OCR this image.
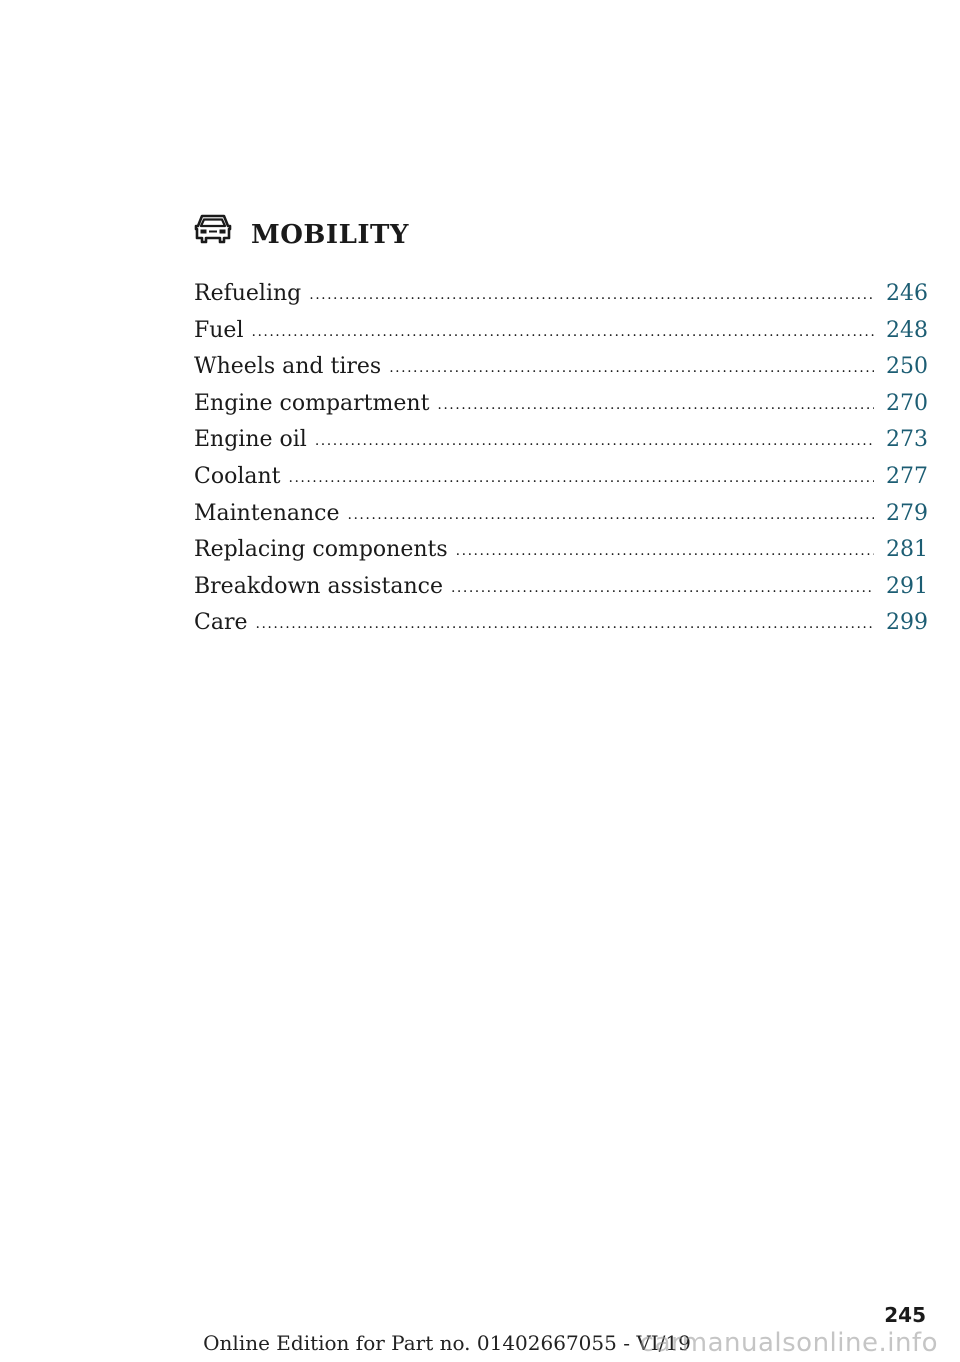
MOBILITY
Refueling .....	246
Fuel .....	248
Wheels and tires .....	250
Engine compartment .....	270
Engine oil .....	273
Coolant .....	277
Maintenance .....	279
Replacing components .....	281
Breakdown assistance .....	291
Care .....	299
245
Online Edition for Part no. 01402667055 - VI/19
carmanualsonline.info
